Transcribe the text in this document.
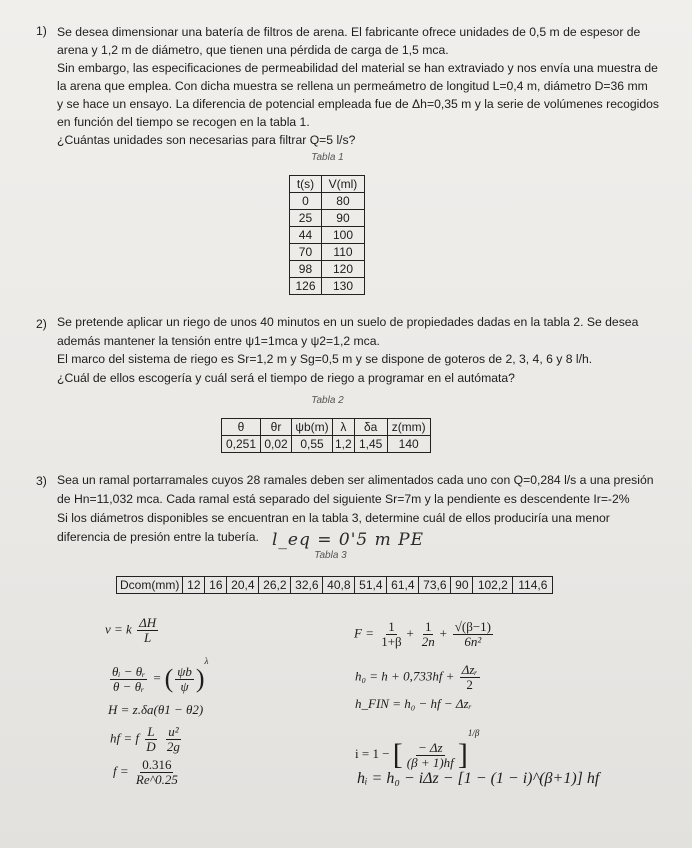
1) Se desea dimensionar una batería de filtros de arena. El fabricante ofrece unidades de 0,5 m de espesor de

arena y 1,2 m de diámetro, que tienen una pérdida de carga de 1,5 mca.

Sin embargo, las especificaciones de permeabilidad del material se han extraviado y nos envía una muestra de

la arena que emplea. Con dicha muestra se rellena un permeámetro de longitud L=0,4 m, diámetro D=36 mm

y se hace un ensayo. La diferencia de potencial empleada fue de Δh=0,35 m y la serie de volúmenes recogidos

en función del tiempo se recogen en la tabla 1.

¿Cuántas unidades son necesarias para filtrar Q=5 l/s?

Tabla 1
t(s)	V(ml)
0	80
25	90
44	100
70	110
98	120
126	130
2) Se pretende aplicar un riego de unos 40 minutos en un suelo de propiedades dadas en la tabla 2. Se desea

además mantener la tensión entre ψ1=1mca y ψ2=1,2 mca.

El marco del sistema de riego es Sr=1,2 m y Sg=0,5 m y se dispone de goteros de 2, 3, 4, 6 y 8 l/h.

¿Cuál de ellos escogería y cuál será el tiempo de riego a programar en el autómata?

Tabla 2
θ	θr	ψb(m)	λ	δa	z(mm)
0,251	0,02	0,55	1,2	1,45	140
3) Sea un ramal portarramales cuyos 28 ramales deben ser alimentados cada uno con Q=0,284 l/s a una presión

de Hn=11,032 mca. Cada ramal está separado del siguiente Sr=7m y la pendiente es descendente Ir=-2%

Si los diámetros disponibles se encuentran en la tabla 3, determine cuál de ellos produciría una menor

diferencia de presión entre la tubería. l_eq = 0'5 m PE
Tabla 3
Dcom(mm)	12	16	20,4	26,2	32,6	40,8	51,4	61,4	73,6	90	102,2	114,6
v = k $\frac{\Delta H}{L}$
$\frac{\text{θᵢ − θᵣ}}{\text{θ − θᵣ}}$ = ( $\frac{\psi b}{\psi} )^\lambda$
H = z.δa(θ1 − θ2)
hf = f $\frac{L}{D}$
$\frac{\text{u²}}{2g}$
$f = \frac{0.316}{Re\^{}0.25}$
$F = \frac{1}{1+\beta} + \frac{1}{2n} + \frac{√(\beta-1)}{\text{6n²}}$
$h_0 = h + 0,733hf + \frac{\text{Δzᵣ}}{2}$
h_FIN = h₀ − hf − Δzᵣ
i = 1 − [ $\frac{- \Delta z}{(\beta + 1)hf} ]^{1/\beta}$
hᵢ = h₀ − iΔz − [1 − (1 − i)^(β+1)] hf
